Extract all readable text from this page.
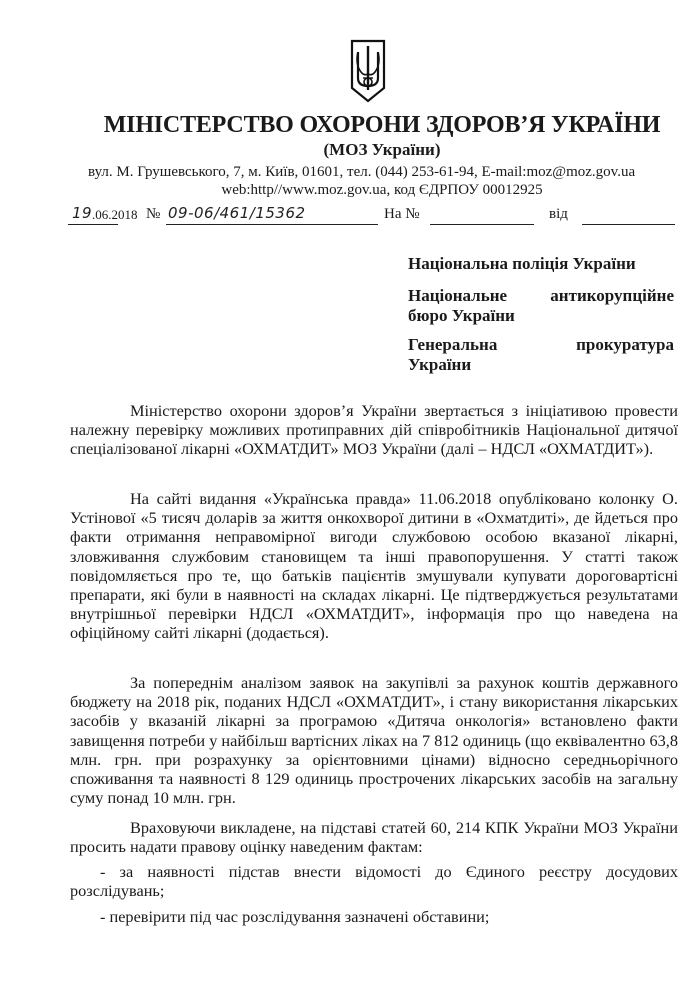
МІНІСТЕРСТВО ОХОРОНИ ЗДОРОВ’Я УКРАЇНИ
(МОЗ України)
вул. М. Грушевського, 7, м. Київ, 01601, тел. (044) 253-61-94, E-mail:moz@moz.gov.ua
web:http//www.moz.gov.ua, код ЄДРПОУ 00012925
19 .06.2018 № 09-06/461/15362	На №	від
Національна поліція України
Національне	антикорупційне
бюро України
Генеральна	прокуратура
України

Міністерство охорони здоров’я України звертається з ініціативою провести належну перевірку можливих протиправних дій співробітників Національної дитячої спеціалізованої лікарні «ОХМАТДИТ» МОЗ України (далі – НДСЛ «ОХМАТДИТ»).

На сайті видання «Українська правда» 11.06.2018 опубліковано колонку О. Устінової «5 тисяч доларів за життя онкохворої дитини в «Охматдиті», де йдеться про факти отримання неправомірної вигоди службовою особою вказаної лікарні, зловживання службовим становищем та інші правопорушення. У статті також повідомляється про те, що батьків пацієнтів змушували купувати дороговартісні препарати, які були в наявності на складах лікарні. Це підтверджується результатами внутрішньої перевірки НДСЛ «ОХМАТДИТ», інформація про що наведена на офіційному сайті лікарні (додається).

За попереднім аналізом заявок на закупівлі за рахунок коштів державного бюджету на 2018 рік, поданих НДСЛ «ОХМАТДИТ», і стану використання лікарських засобів у вказаній лікарні за програмою «Дитяча онкологія» встановлено факти завищення потреби у найбільш вартісних ліках на 7 812 одиниць (що еквівалентно 63,8 млн. грн. при розрахунку за орієнтовними цінами) відносно середньорічного споживання та наявності 8 129 одиниць прострочених лікарських засобів на загальну суму понад 10 млн. грн.

Враховуючи викладене, на підставі статей 60, 214 КПК України МОЗ України просить надати правову оцінку наведеним фактам:

- за наявності підстав внести відомості до Єдиного реєстру досудових розслідувань;
- перевірити під час розслідування зазначені обставини;
